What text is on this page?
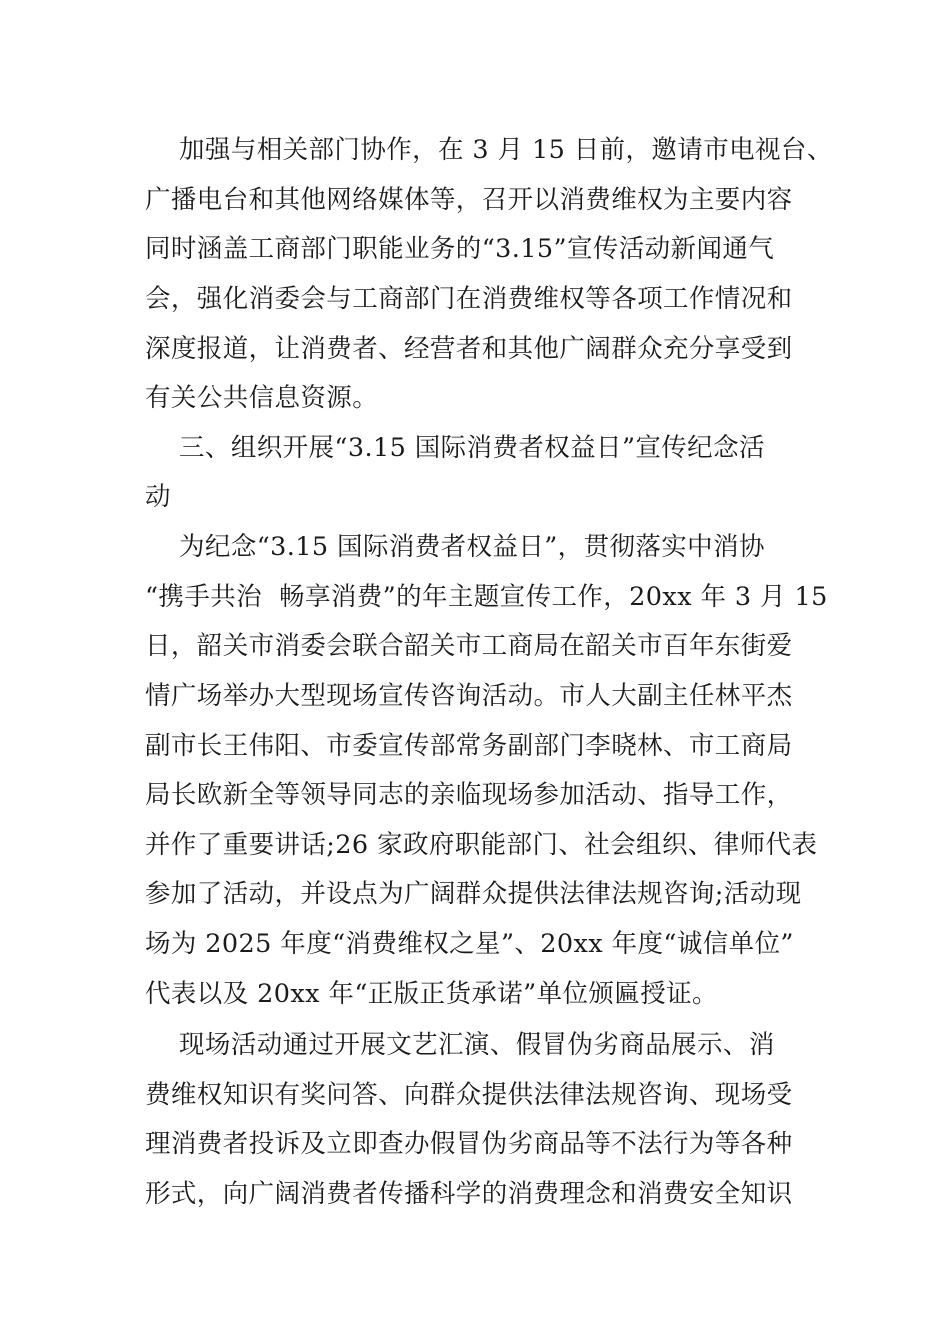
加强与相关部门协作，在 3 月 15 日前，邀请市电视台、
广播电台和其他网络媒体等，召开以消费维权为主要内容
同时涵盖工商部门职能业务的“3.15”宣传活动新闻通气
会，强化消委会与工商部门在消费维权等各项工作情况和
深度报道，让消费者、经营者和其他广阔群众充分享受到
有关公共信息资源。
三、组织开展“3.15 国际消费者权益日”宣传纪念活
动
为纪念“3.15 国际消费者权益日”，贯彻落实中消协
“携手共治  畅享消费”的年主题宣传工作，20xx 年 3 月 15
日，韶关市消委会联合韶关市工商局在韶关市百年东街爱
情广场举办大型现场宣传咨询活动。市人大副主任林平杰
副市长王伟阳、市委宣传部常务副部门李晓林、市工商局
局长欧新全等领导同志的亲临现场参加活动、指导工作，
并作了重要讲话;26 家政府职能部门、社会组织、律师代表
参加了活动，并设点为广阔群众提供法律法规咨询;活动现
场为 2025 年度“消费维权之星”、20xx 年度“诚信单位”
代表以及 20xx 年“正版正货承诺”单位颁匾授证。
现场活动通过开展文艺汇演、假冒伪劣商品展示、消
费维权知识有奖问答、向群众提供法律法规咨询、现场受
理消费者投诉及立即查办假冒伪劣商品等不法行为等各种
形式，向广阔消费者传播科学的消费理念和消费安全知识
